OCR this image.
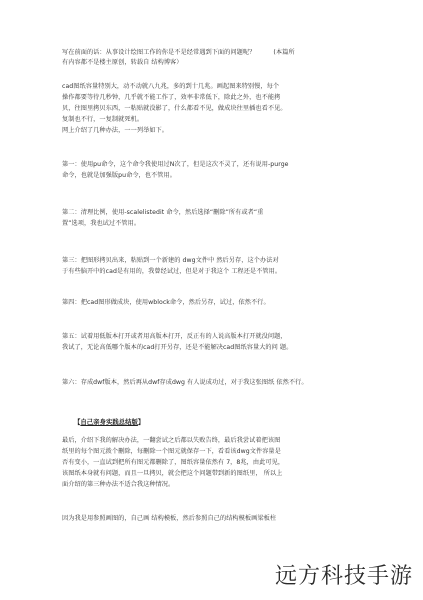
写在前面的话：从事设计绘图工作的你是不是经常遇到下面的问题呢？	(本篇所
有内容都不是楼主原创，转载自 结构博客）
cad图纸容量特别大，动不动就八九兆，多的到十几兆。画起图来特别慢，每个
操作都要等待几秒钟，几乎就不能工作了，效率非常低下，除此之外，也不能拷
贝，往图里拷贝东西，一粘贴就没影了，什么都看不见，做成块往里插也看不见。
复制也不行，一复制就死机。
网上介绍了几种办法，一一列举如下。
第一：使用pu命令，这个命令我使用过N次了，但是这次不灵了，还有说用-purge
命令，也就是加强版pu命令，也不管用。
第二：清理比例，使用-scalelistedit 命令，然后选择“删除”所有或者“重
置”选项，我也试过不管用。
第三：把图形拷贝出来，粘贴到一个新建的 dwg文件中 然后另存，这个办法对
于有些脑开中的cad是有用的，我曾经试过，但是对于我这个 工程还是不管用。
第四：把cad图形做成块，使用wblock命令，然后另存，试过，依然不行。
第五：试着用低版本打开或者用高版本打开，反正有的人说高版本打开就没问题，
我试了，无论高低哪个版本的cad打开另存，还是不能解决cad图纸容量大的问 题。
第六：存成dwf版本，然后再从dwf存成dwg 有人说成功过，对于我这张图纸 依然不行。
【自己亲身实践总结版】
最后，介绍下我的解决办法，一翻尝试之后都以失败告终，最后我尝试着把该图
纸里的每个图元拨个删除，每删除一个图元就保存一下，看看该dwg文件容量是
否有变小，一直试到把所有图元都删除了，图纸容量依然有 7，8兆，由此可见，
该图纸本身就有问题，而且一旦拷贝，就会把这个问题带到新的图纸里， 所以上
面介绍的第三种办法不适合我这种情况。
因为我是用参照画图的，自己画 结构模板，然后参照自己的结构模板画梁板柱
远方科技手游
